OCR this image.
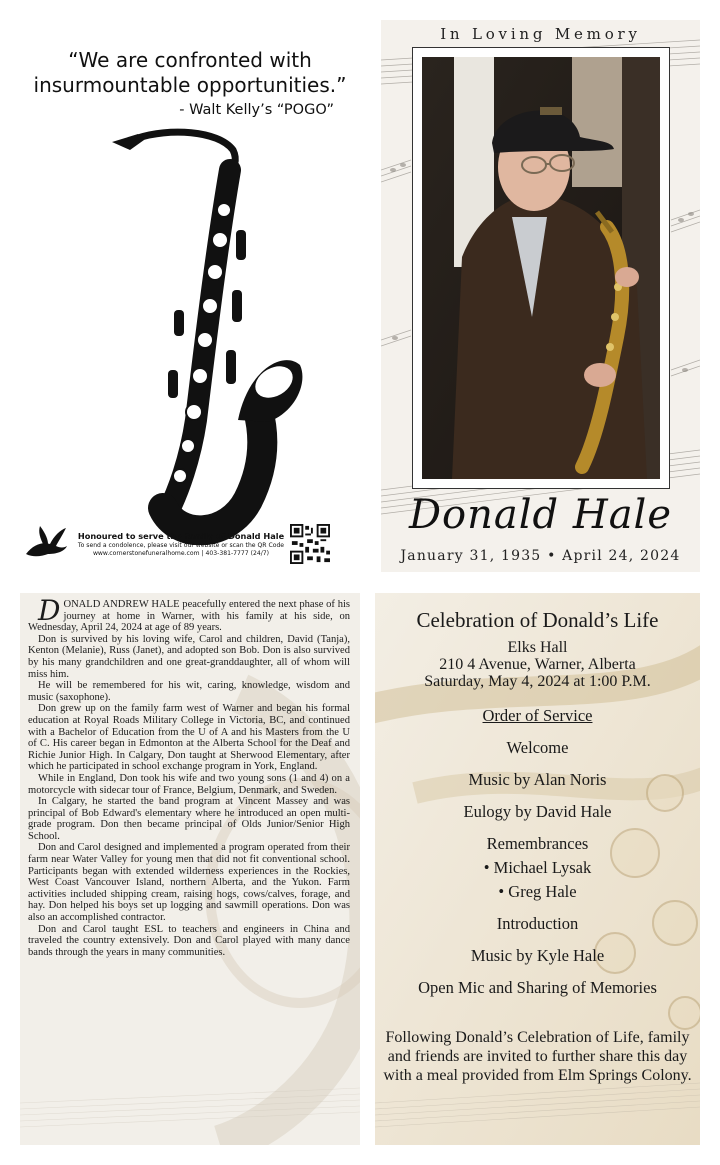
“We are confronted with insurmountable opportunities.”
- Walt Kelly’s “POGO”
Honoured to serve the family of Donald Hale
To send a condolence, please visit our website or scan the QR Code
www.cornerstonefuneralhome.com | 403-381-7777 (24/7)
In Loving Memory
Donald Hale
January 31, 1935 • April 24, 2024

DONALD ANDREW HALE peacefully entered the next phase of his journey at home in Warner, with his family at his side, on Wednesday, April 24, 2024 at age of 89 years.

Don is survived by his loving wife, Carol and children, David (Tanja), Kenton (Melanie), Russ (Janet), and adopted son Bob. Don is also survived by his many grandchildren and one great-granddaughter, all of whom will miss him.

He will be remembered for his wit, caring, knowledge, wisdom and music (saxophone).

Don grew up on the family farm west of Warner and began his formal education at Royal Roads Military College in Victoria, BC, and continued with a Bachelor of Education from the U of A and his Masters from the U of C. His career began in Edmonton at the Alberta School for the Deaf and Richie Junior High. In Calgary, Don taught at Sherwood Elementary, after which he participated in school exchange program in York, England.

While in England, Don took his wife and two young sons (1 and 4) on a motorcycle with sidecar tour of France, Belgium, Denmark, and Sweden.

In Calgary, he started the band program at Vincent Massey and was principal of Bob Edward's elementary where he introduced an open multi-grade program. Don then became principal of Olds Junior/Senior High School.

Don and Carol designed and implemented a program operated from their farm near Water Valley for young men that did not fit conventional school. Participants began with extended wilderness experiences in the Rockies, West Coast Vancouver Island, northern Alberta, and the Yukon. Farm activities included shipping cream, raising hogs, cows/calves, forage, and hay. Don helped his boys set up logging and sawmill operations. Don was also an accomplished contractor.

Don and Carol taught ESL to teachers and engineers in China and traveled the country extensively. Don and Carol played with many dance bands through the years in many communities.

Celebration of Donald’s Life
Elks Hall
210 4 Avenue, Warner, Alberta
Saturday, May 4, 2024 at 1:00 P.M.
Order of Service
Welcome
Music by Alan Noris
Eulogy by David Hale
Remembrances
• Michael Lysak
• Greg Hale
Introduction
Music by Kyle Hale
Open Mic and Sharing of Memories
Following Donald’s Celebration of Life, family and friends are invited to further share this day with a meal provided from Elm Springs Colony.
